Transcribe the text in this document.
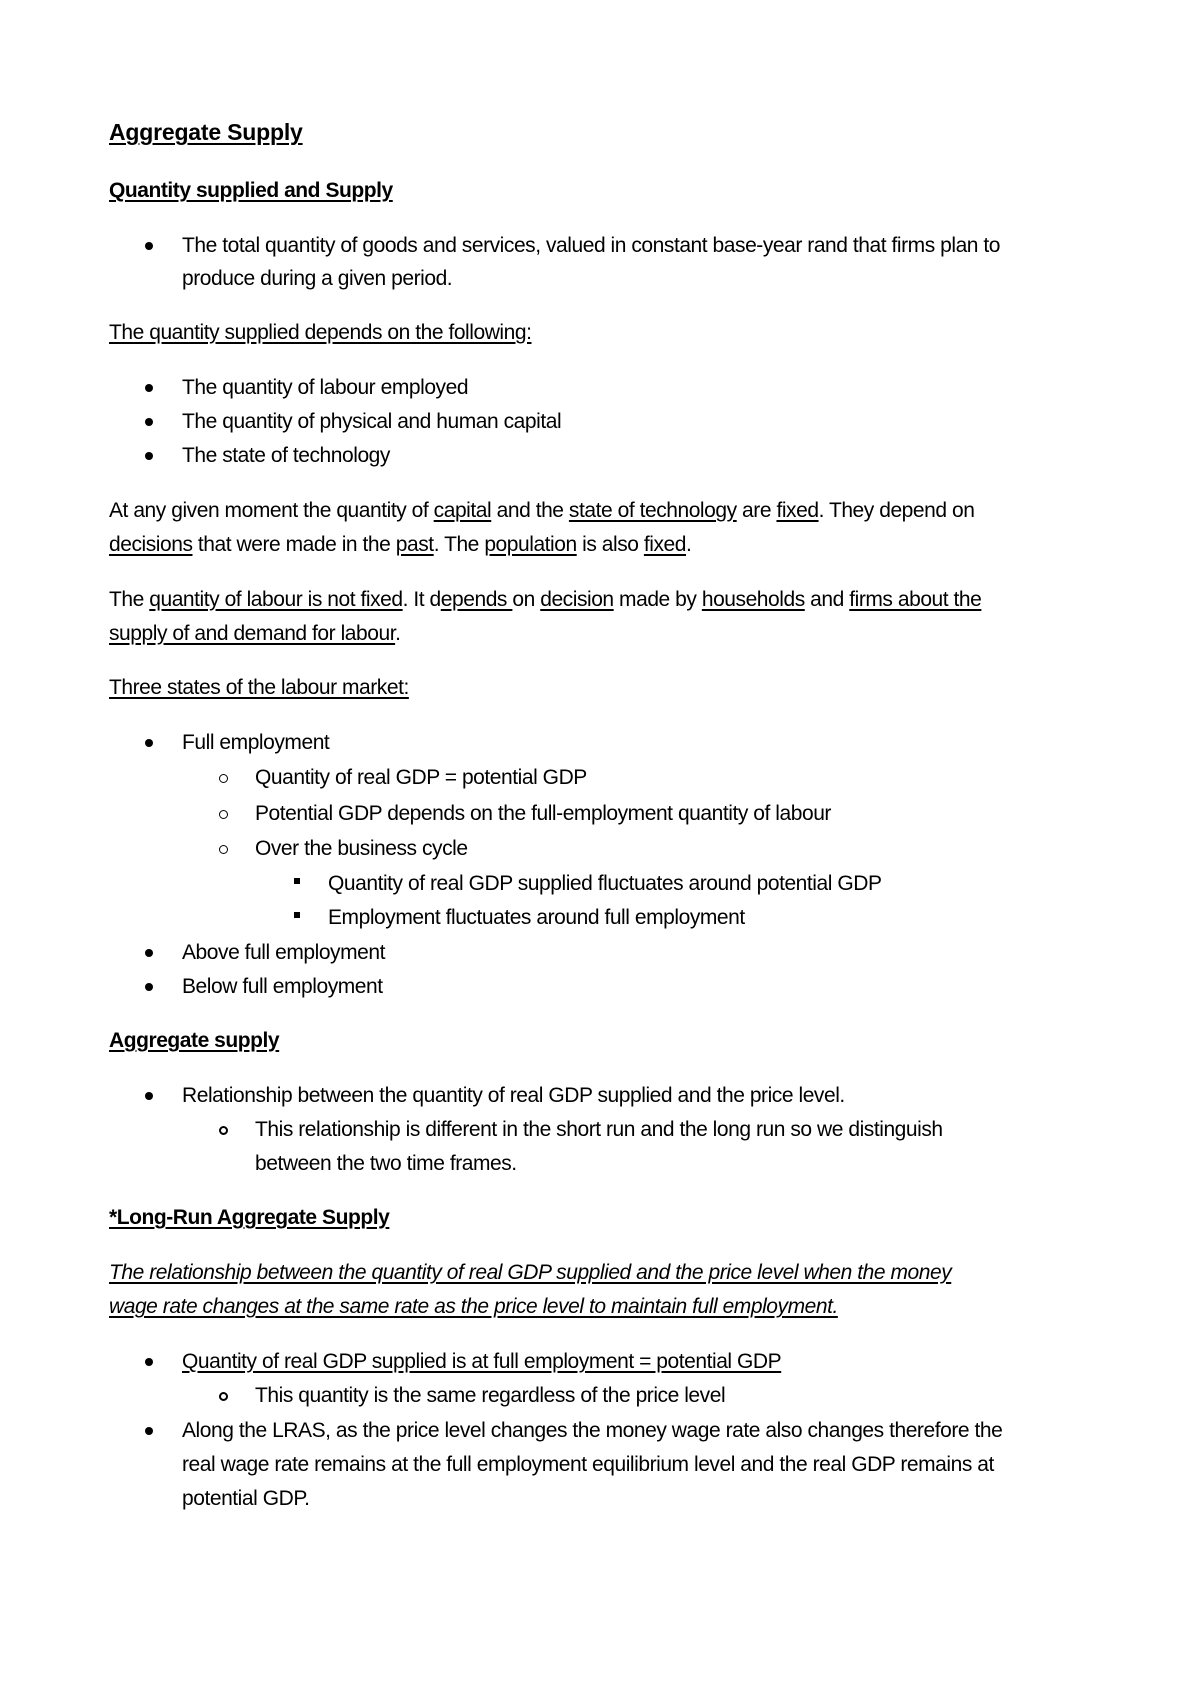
Aggregate Supply
Quantity supplied and Supply
The total quantity of goods and services, valued in constant base-year rand that firms plan to
produce during a given period.
The quantity supplied depends on the following:
The quantity of labour employed
The quantity of physical and human capital
The state of technology
At any given moment the quantity of capital and the state of technology are fixed. They depend on
decisions that were made in the past. The population is also fixed.
The quantity of labour is not fixed. It depends on decision made by households and firms about the
supply of and demand for labour.
Three states of the labour market:
Full employment
Quantity of real GDP = potential GDP
Potential GDP depends on the full-employment quantity of labour
Over the business cycle
Quantity of real GDP supplied fluctuates around potential GDP
Employment fluctuates around full employment
Above full employment
Below full employment
Aggregate supply
Relationship between the quantity of real GDP supplied and the price level.
This relationship is different in the short run and the long run so we distinguish
between the two time frames.
*Long-Run Aggregate Supply
The relationship between the quantity of real GDP supplied and the price level when the money
wage rate changes at the same rate as the price level to maintain full employment.
Quantity of real GDP supplied is at full employment = potential GDP
This quantity is the same regardless of the price level
Along the LRAS, as the price level changes the money wage rate also changes therefore the
real wage rate remains at the full employment equilibrium level and the real GDP remains at
potential GDP.
